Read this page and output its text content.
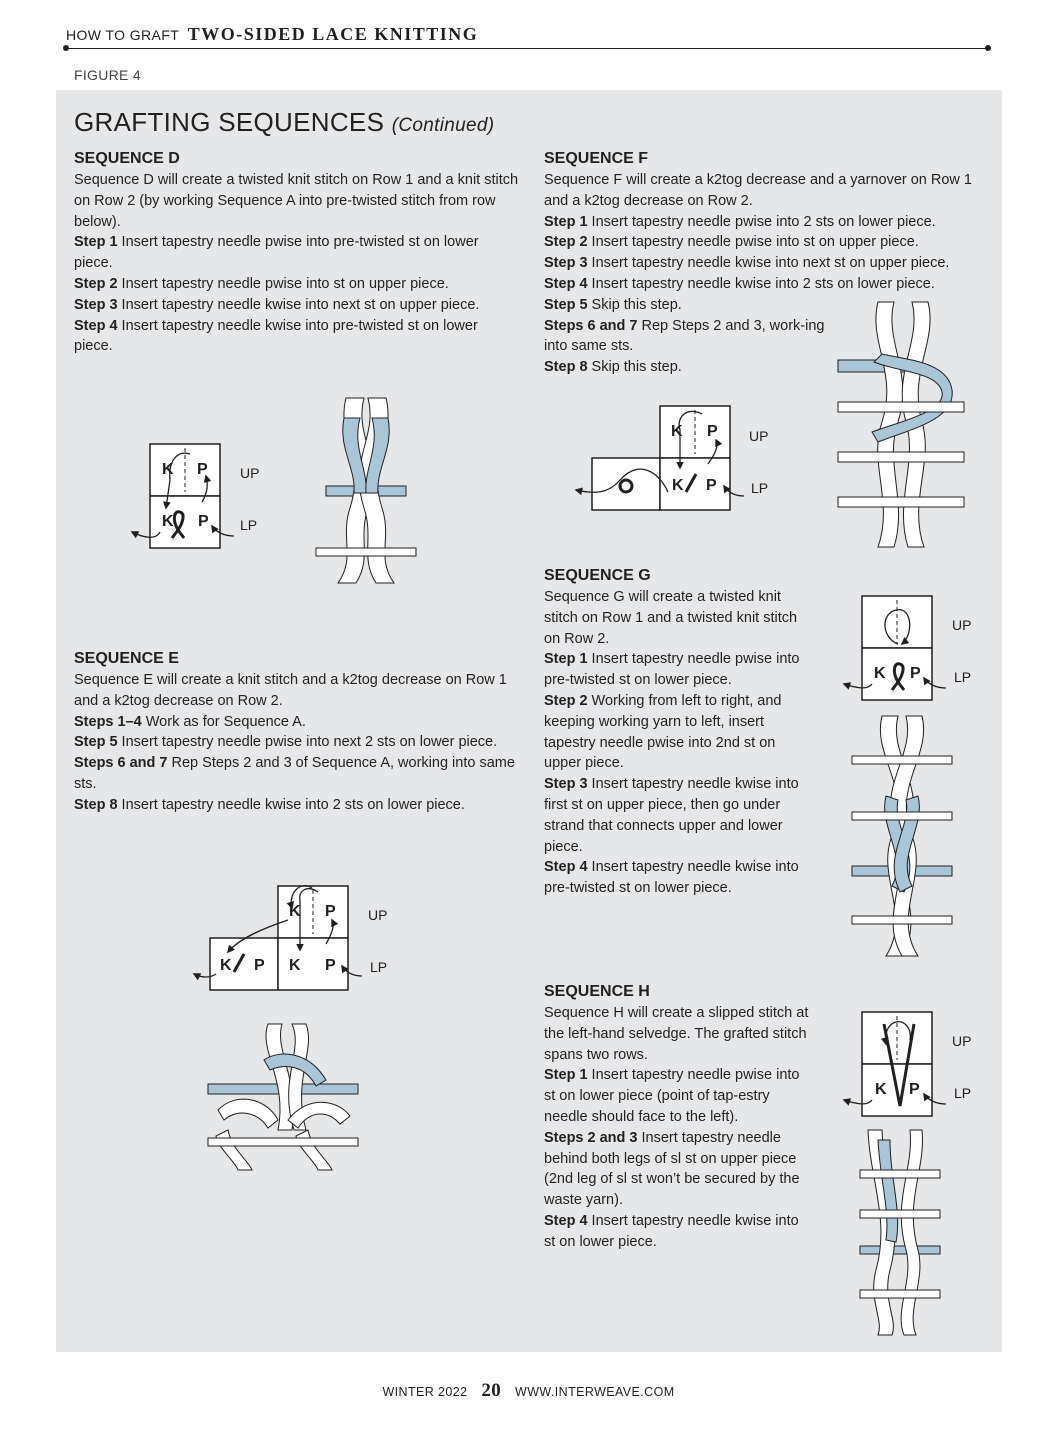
HOW TO GRAFT TWO-SIDED LACE KNITTING
FIGURE 4
GRAFTING SEQUENCES (Continued)
SEQUENCE D

Sequence D will create a twisted knit stitch on Row 1 and a knit stitch on Row 2 (by working Sequence A into pre-twisted stitch from row below).

Step 1 Insert tapestry needle pwise into pre-twisted st on lower piece.

Step 2 Insert tapestry needle pwise into st on upper piece.

Step 3 Insert tapestry needle kwise into next st on upper piece.

Step 4 Insert tapestry needle kwise into pre-twisted st on lower piece.

SEQUENCE E

Sequence E will create a knit stitch and a k2tog decrease on Row 1 and a k2tog decrease on Row 2.

Steps 1–4 Work as for Sequence A.

Step 5 Insert tapestry needle pwise into next 2 sts on lower piece.

Steps 6 and 7 Rep Steps 2 and 3 of Sequence A, working into same sts.

Step 8 Insert tapestry needle kwise into 2 sts on lower piece.

SEQUENCE F

Sequence F will create a k2tog decrease and a yarnover on Row 1 and a k2tog decrease on Row 2.

Step 1 Insert tapestry needle pwise into 2 sts on lower piece.

Step 2 Insert tapestry needle pwise into st on upper piece.

Step 3 Insert tapestry needle kwise into next st on upper piece.

Step 4 Insert tapestry needle kwise into 2 sts on lower piece.

Step 5 Skip this step.

Steps 6 and 7 Rep Steps 2 and 3, work-ing into same sts.

Step 8 Skip this step.

SEQUENCE G

Sequence G will create a twisted knit stitch on Row 1 and a twisted knit stitch on Row 2.

Step 1 Insert tapestry needle pwise into pre-twisted st on lower piece.

Step 2 Working from left to right, and keeping working yarn to left, insert tapestry needle pwise into 2nd st on upper piece.

Step 3 Insert tapestry needle kwise into first st on upper piece, then go under strand that connects upper and lower piece.

Step 4 Insert tapestry needle kwise into pre-twisted st on lower piece.

SEQUENCE H

Sequence H will create a slipped stitch at the left-hand selvedge. The grafted stitch spans two rows.

Step 1 Insert tapestry needle pwise into st on lower piece (point of tap-estry needle should face to the left).

Steps 2 and 3 Insert tapestry needle behind both legs of sl st on upper piece (2nd leg of sl st won’t be secured by the waste yarn).

Step 4 Insert tapestry needle kwise into st on lower piece.

K P
K P
UP
LP
K P
K P
UP
LP
K P
UP
LP
K P
K P K P
UP
LP
K P
UP
LP
WINTER 2022 20 WWW.INTERWEAVE.COM
